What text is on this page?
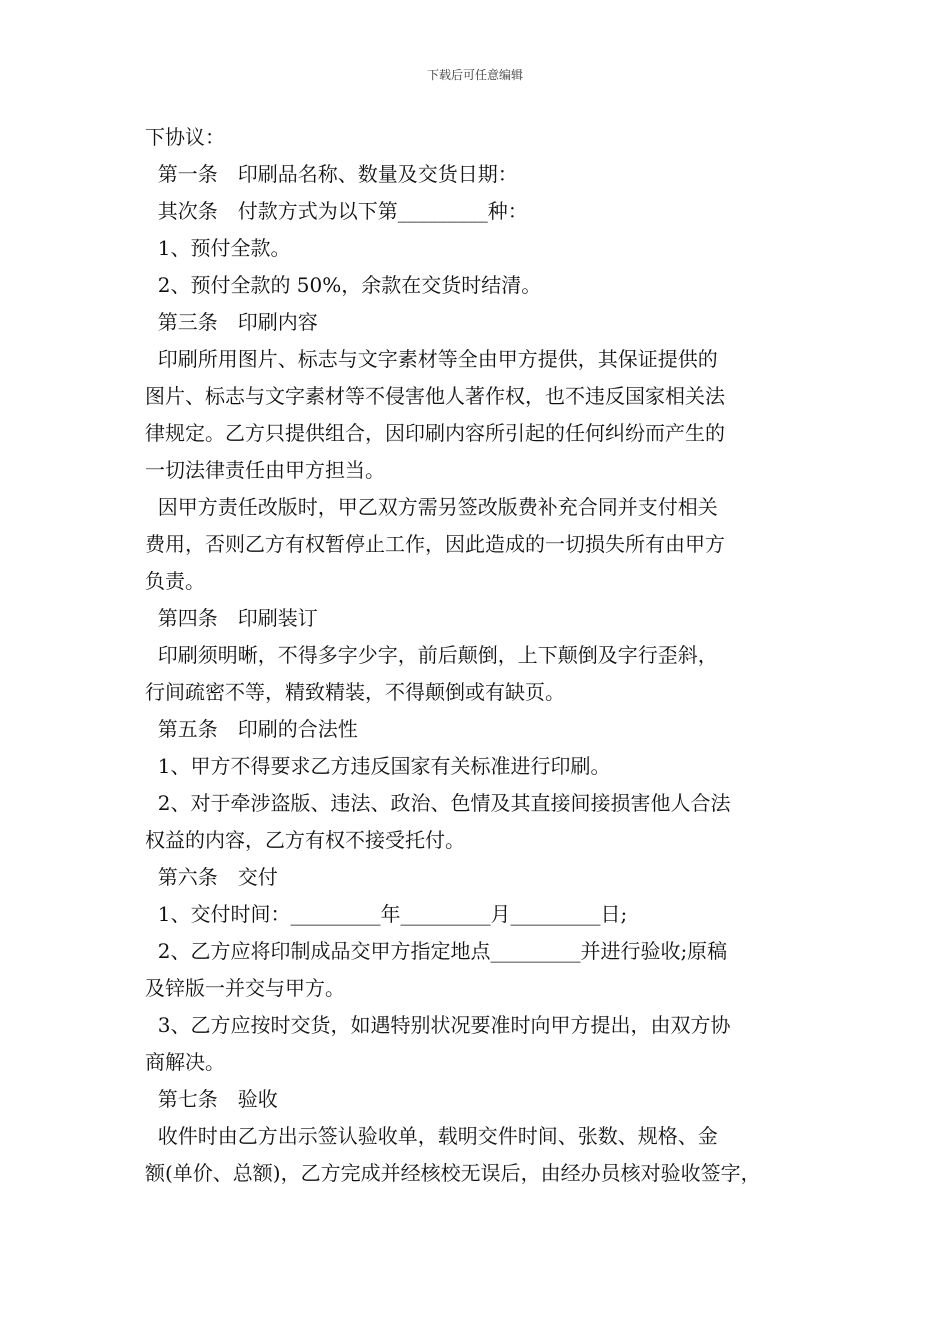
下载后可任意编辑
下协议：
第一条　印刷品名称、数量及交货日期：
其次条　付款方式为以下第_________种：
1、预付全款。
2、预付全款的 50%，余款在交货时结清。
第三条　印刷内容
印刷所用图片、标志与文字素材等全由甲方提供，其保证提供的
图片、标志与文字素材等不侵害他人著作权，也不违反国家相关法
律规定。乙方只提供组合，因印刷内容所引起的任何纠纷而产生的
一切法律责任由甲方担当。
因甲方责任改版时，甲乙双方需另签改版费补充合同并支付相关
费用，否则乙方有权暂停止工作，因此造成的一切损失所有由甲方
负责。
第四条　印刷装订
印刷须明晰，不得多字少字，前后颠倒，上下颠倒及字行歪斜，
行间疏密不等，精致精装，不得颠倒或有缺页。
第五条　印刷的合法性
1、甲方不得要求乙方违反国家有关标准进行印刷。
2、对于牵涉盗版、违法、政治、色情及其直接间接损害他人合法
权益的内容，乙方有权不接受托付。
第六条　交付
1、交付时间：_________年_________月_________日;
2、乙方应将印制成品交甲方指定地点_________并进行验收;原稿
及锌版一并交与甲方。
3、乙方应按时交货，如遇特别状况要准时向甲方提出，由双方协
商解决。
第七条　验收
收件时由乙方出示签认验收单，载明交件时间、张数、规格、金
额(单价、总额)，乙方完成并经核校无误后，由经办员核对验收签字，
